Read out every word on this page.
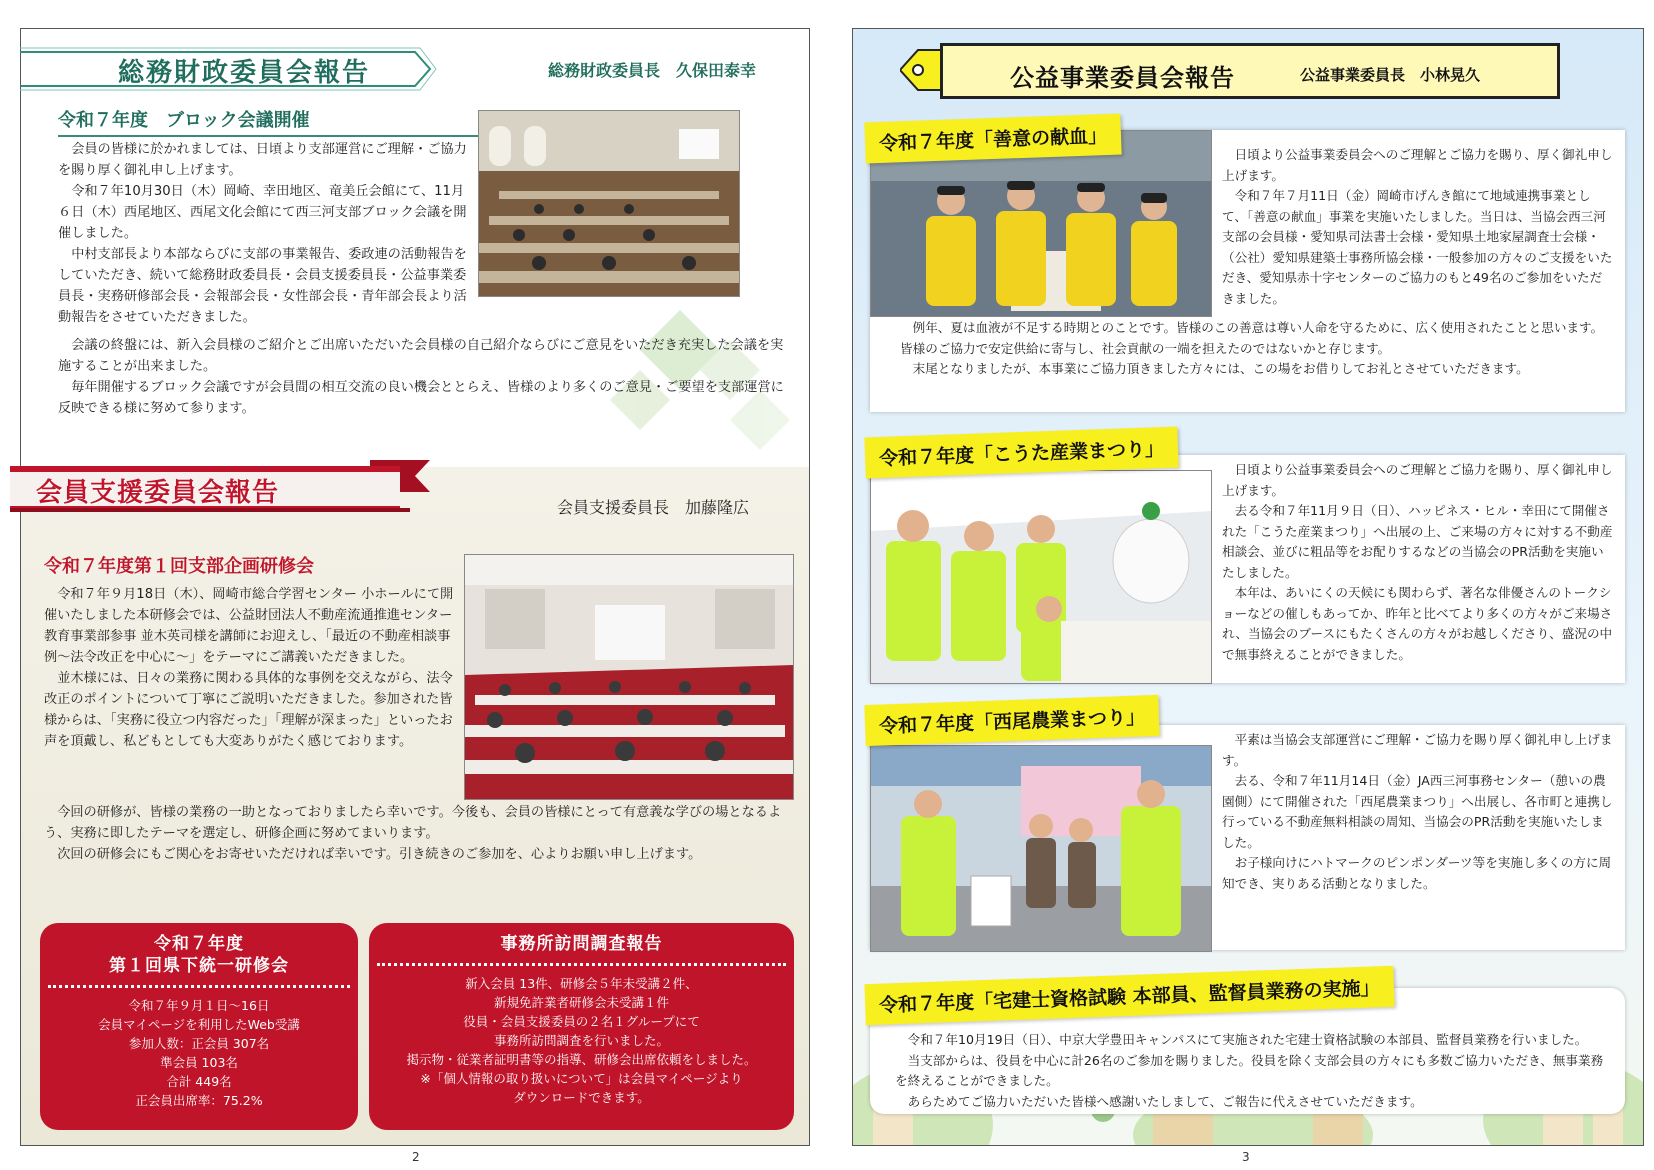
総務財政委員会報告	総務財政委員長　久保田泰幸
令和７年度　ブロック会議開催

会員の皆様に於かれましては、日頃より支部運営にご理解・ご協力を賜り厚く御礼申し上げます。

令和７年10月30日（木）岡崎、幸田地区、竜美丘会館にて、11月６日（木）西尾地区、西尾文化会館にて西三河支部ブロック会議を開催しました。

中村支部長より本部ならびに支部の事業報告、委政連の活動報告をしていただき、続いて総務財政委員長・会員支援委員長・公益事業委員長・実務研修部会長・会報部会長・女性部会長・青年部会長より活動報告をさせていただきました。

会議の終盤には、新入会員様のご紹介とご出席いただいた会員様の自己紹介ならびにご意見をいただき充実した会議を実施することが出来ました。

毎年開催するブロック会議ですが会員間の相互交流の良い機会ととらえ、皆様のより多くのご意見・ご要望を支部運営に反映できる様に努めて参ります。

会員支援委員会報告	会員支援委員長　加藤隆広
令和７年度第１回支部企画研修会

令和７年９月18日（木）、岡崎市総合学習センター 小ホールにて開催いたしました本研修会では、公益財団法人不動産流通推進センター 教育事業部参事 並木英司様を講師にお迎えし、「最近の不動産相談事例〜法令改正を中心に〜」をテーマにご講義いただきました。

並木様には、日々の業務に関わる具体的な事例を交えながら、法令改正のポイントについて丁寧にご説明いただきました。参加された皆様からは、「実務に役立つ内容だった」「理解が深まった」といったお声を頂戴し、私どもとしても大変ありがたく感じております。

今回の研修が、皆様の業務の一助となっておりましたら幸いです。今後も、会員の皆様にとって有意義な学びの場となるよう、実務に即したテーマを選定し、研修企画に努めてまいります。

次回の研修会にもご関心をお寄せいただければ幸いです。引き続きのご参加を、心よりお願い申し上げます。

令和７年度
第１回県下統一研修会
令和７年９月１日〜16日
会員マイページを利用したWeb受講
参加人数：正会員 307名
準会員 103名
合計 449名
正会員出席率：75.2%
事務所訪問調査報告
新入会員 13件、研修会５年未受講２件、
新規免許業者研修会未受講１件
役員・会員支援委員の２名１グループにて
事務所訪問調査を行いました。
掲示物・従業者証明書等の指導、研修会出席依頼をしました。
※「個人情報の取り扱いについて」は会員マイページより
ダウンロードできます。
2
公益事業委員会報告	公益事業委員長　小林晃久
令和７年度「善意の献血」	日頃より公益事業委員会へのご理解とご協力を賜り、厚く御礼申し上げます。

令和７年７月11日（金）岡崎市げんき館にて地域連携事業として、「善意の献血」事業を実施いたしました。当日は、当協会西三河支部の会員様・愛知県司法書士会様・愛知県土地家屋調査士会様・（公社）愛知県建築士事務所協会様・一般参加の方々のご支援をいただき、愛知県赤十字センターのご協力のもと49名のご参加をいただきました。

例年、夏は血液が不足する時期とのことです。皆様のこの善意は尊い人命を守るために、広く使用されたことと思います。皆様のご協力で安定供給に寄与し、社会貢献の一端を担えたのではないかと存じます。

末尾となりましたが、本事業にご協力頂きました方々には、この場をお借りしてお礼とさせていただきます。

令和７年度「こうた産業まつり」	日頃より公益事業委員会へのご理解とご協力を賜り、厚く御礼申し上げます。

去る令和７年11月９日（日）、ハッピネス・ヒル・幸田にて開催された「こうた産業まつり」へ出展の上、ご来場の方々に対する不動産相談会、並びに粗品等をお配りするなどの当協会のPR活動を実施いたしました。

本年は、あいにくの天候にも関わらず、著名な俳優さんのトークショーなどの催しもあってか、昨年と比べてより多くの方々がご来場され、当協会のブースにもたくさんの方々がお越しくださり、盛況の中で無事終えることができました。

令和７年度「西尾農業まつり」

平素は当協会支部運営にご理解・ご協力を賜り厚く御礼申し上げます。

去る、令和７年11月14日（金）JA西三河事務センター（憩いの農園側）にて開催された「西尾農業まつり」へ出展し、各市町と連携し行っている不動産無料相談の周知、当協会のPR活動を実施いたしました。

お子様向けにハトマークのピンポンダーツ等を実施し多くの方に周知でき、実りある活動となりました。

令和７年度「宅建士資格試験 本部員、監督員業務の実施」

令和７年10月19日（日）、中京大学豊田キャンパスにて実施された宅建士資格試験の本部員、監督員業務を行いました。

当支部からは、役員を中心に計26名のご参加を賜りました。役員を除く支部会員の方々にも多数ご協力いただき、無事業務を終えることができました。

あらためてご協力いただいた皆様へ感謝いたしまして、ご報告に代えさせていただきます。

3
